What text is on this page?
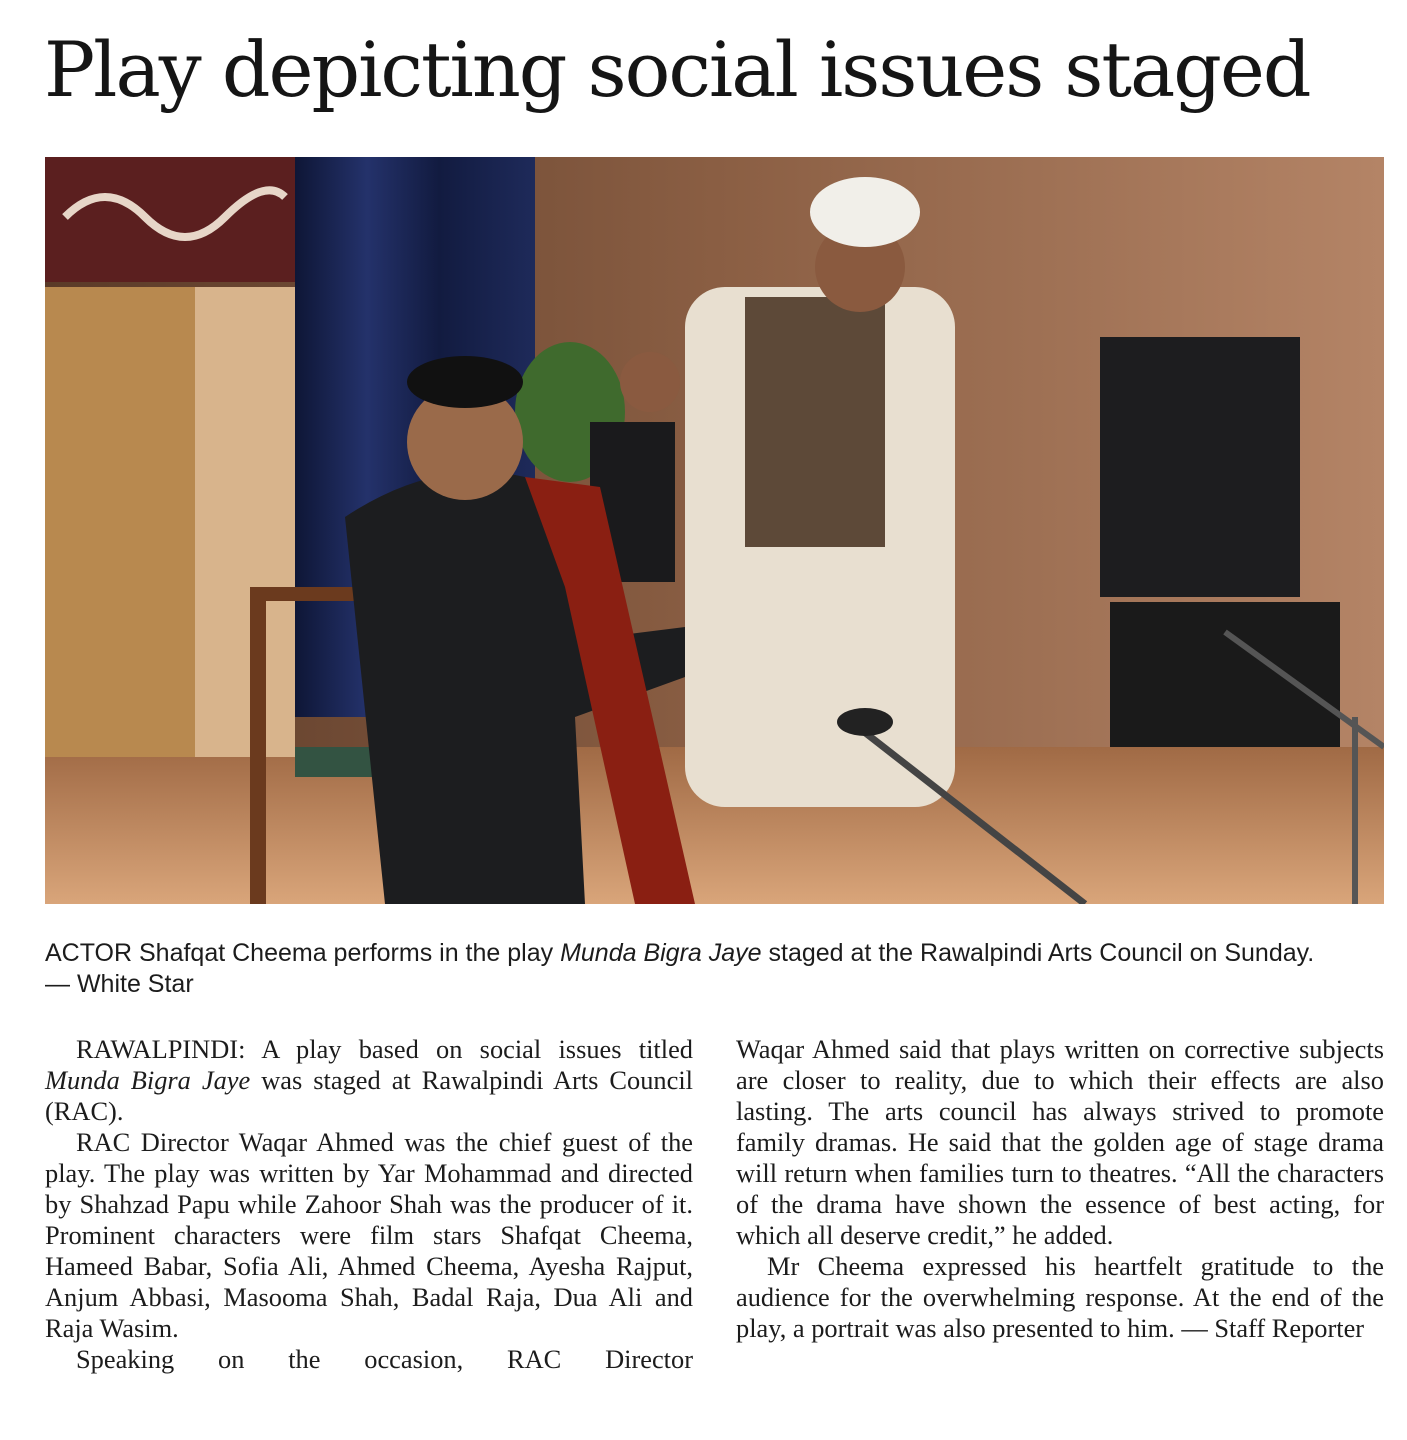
Play depicting social issues staged

ACTOR Shafqat Cheema performs in the play Munda Bigra Jaye staged at the Rawalpindi Arts Council on Sunday. — White Star

RAWALPINDI: A play based on social issues titled Munda Bigra Jaye was staged at Rawalpindi Arts Council (RAC).

RAC Director Waqar Ahmed was the chief guest of the play. The play was written by Yar Mohammad and directed by Shahzad Papu while Zahoor Shah was the producer of it. Prominent characters were film stars Shafqat Cheema, Hameed Babar, Sofia Ali, Ahmed Cheema, Ayesha Rajput, Anjum Abbasi, Masooma Shah, Badal Raja, Dua Ali and Raja Wasim.

Speaking on the occasion, RAC Director

Waqar Ahmed said that plays written on corrective subjects are closer to reality, due to which their effects are also lasting. The arts council has always strived to promote family dramas. He said that the golden age of stage drama will return when families turn to theatres. “All the characters of the drama have shown the essence of best acting, for which all deserve credit,” he added.

Mr Cheema expressed his heartfelt gratitude to the audience for the overwhelming response. At the end of the play, a portrait was also presented to him. — Staff Reporter
